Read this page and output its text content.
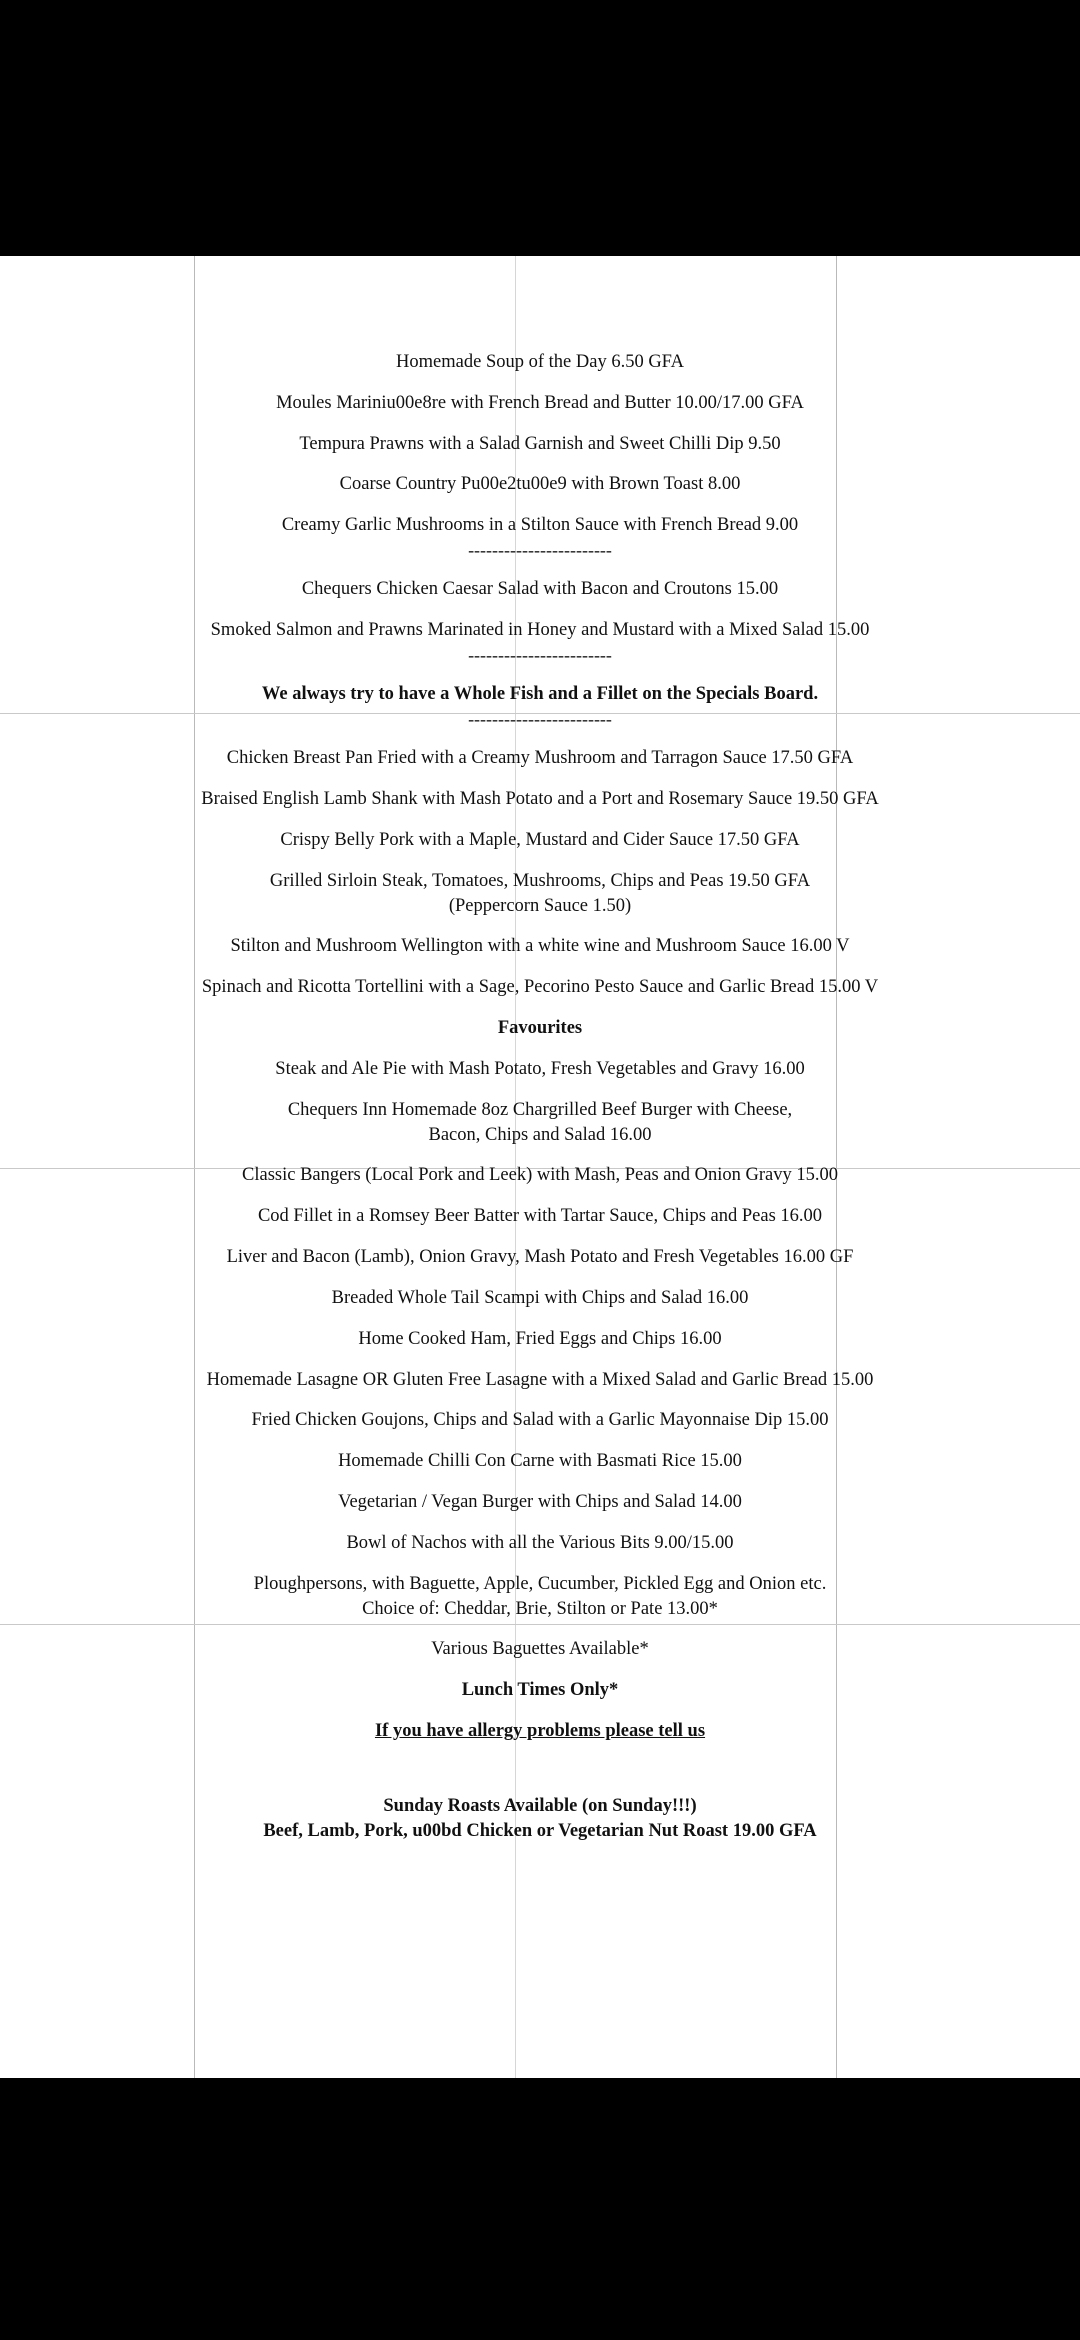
Homemade Soup of the Day 6.50 GFA

Moules Mariniu00e8re with French Bread and Butter 10.00/17.00 GFA

Tempura Prawns with a Salad Garnish and Sweet Chilli Dip 9.50

Coarse Country Pu00e2tu00e9 with Brown Toast 8.00

Creamy Garlic Mushrooms in a Stilton Sauce with French Bread 9.00

------------------------

Chequers Chicken Caesar Salad with Bacon and Croutons 15.00

Smoked Salmon and Prawns Marinated in Honey and Mustard with a Mixed Salad 15.00

------------------------

We always try to have a Whole Fish and a Fillet on the Specials Board.

------------------------

Chicken Breast Pan Fried with a Creamy Mushroom and Tarragon Sauce 17.50 GFA

Braised English Lamb Shank with Mash Potato and a Port and Rosemary Sauce 19.50 GFA

Crispy Belly Pork with a Maple, Mustard and Cider Sauce 17.50 GFA

Grilled Sirloin Steak, Tomatoes, Mushrooms, Chips and Peas 19.50 GFA

(Peppercorn Sauce 1.50)

Stilton and Mushroom Wellington with a white wine and Mushroom Sauce 16.00 V

Spinach and Ricotta Tortellini with a Sage, Pecorino Pesto Sauce and Garlic Bread 15.00 V

Favourites

Steak and Ale Pie with Mash Potato, Fresh Vegetables and Gravy 16.00

Chequers Inn Homemade 8oz Chargrilled Beef Burger with Cheese,

Bacon, Chips and Salad 16.00

Classic Bangers (Local Pork and Leek) with Mash, Peas and Onion Gravy 15.00

Cod Fillet in a Romsey Beer Batter with Tartar Sauce, Chips and Peas 16.00

Liver and Bacon (Lamb), Onion Gravy, Mash Potato and Fresh Vegetables 16.00 GF

Breaded Whole Tail Scampi with Chips and Salad 16.00

Home Cooked Ham, Fried Eggs and Chips 16.00

Homemade Lasagne OR Gluten Free Lasagne with a Mixed Salad and Garlic Bread 15.00

Fried Chicken Goujons, Chips and Salad with a Garlic Mayonnaise Dip 15.00

Homemade Chilli Con Carne with Basmati Rice 15.00

Vegetarian / Vegan Burger with Chips and Salad 14.00

Bowl of Nachos with all the Various Bits 9.00/15.00

Ploughpersons, with Baguette, Apple, Cucumber, Pickled Egg and Onion etc.

Choice of: Cheddar, Brie, Stilton or Pate 13.00*

Various Baguettes Available*

Lunch Times Only*

If you have allergy problems please tell us

Sunday Roasts Available (on Sunday!!!)

Beef, Lamb, Pork, u00bd Chicken or Vegetarian Nut Roast 19.00 GFA
